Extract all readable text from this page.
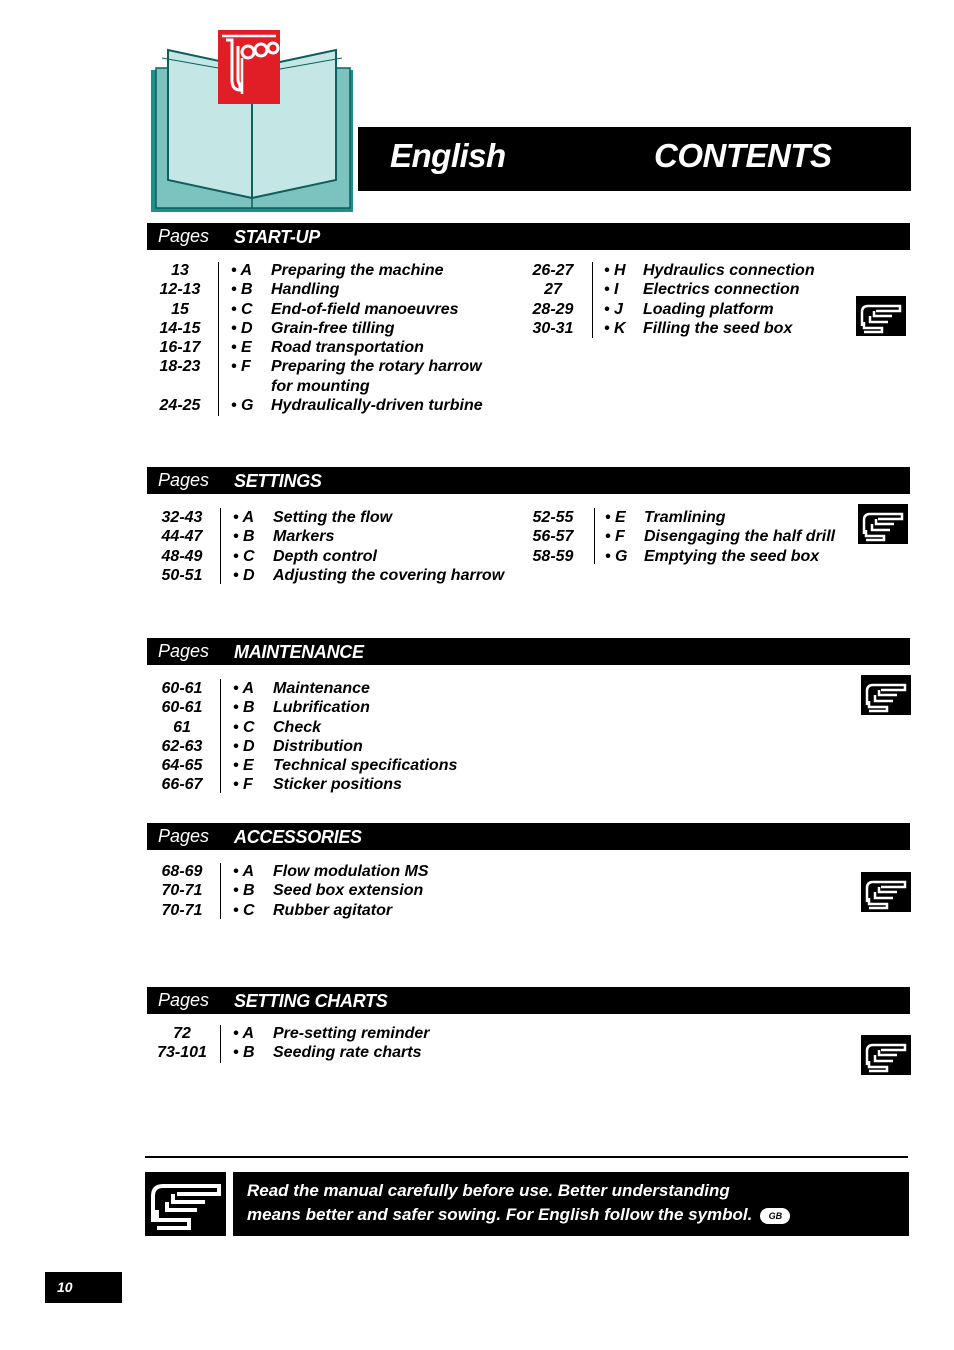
English	CONTENTS
Pages START-UP
13	• A Preparing the machine
12-13	• B Handling
15	• C End-of-field manoeuvres
14-15	• D Grain-free tilling
16-17	• E Road transportation
18-23	• F Preparing the rotary harrow
for mounting
24-25	• G Hydraulically-driven turbine
26-27	• H Hydraulics connection
27	• I Electrics connection
28-29	• J Loading platform
30-31	• K Filling the seed box
Pages SETTINGS
32-43	• A Setting the flow
44-47	• B Markers
48-49	• C Depth control
50-51	• D Adjusting the covering harrow
52-55	• E Tramlining
56-57	• F Disengaging the half drill
58-59	• G Emptying the seed box
Pages MAINTENANCE
60-61	• A Maintenance
60-61	• B Lubrification
61	• C Check
62-63	• D Distribution
64-65	• E Technical specifications
66-67	• F Sticker positions
Pages ACCESSORIES
68-69	• A Flow modulation MS
70-71	• B Seed box extension
70-71	• C Rubber agitator
Pages SETTING CHARTS
72	• A Pre-setting reminder
73-101	• B Seeding rate charts
Read the manual carefully before use. Better understanding
means better and safer sowing. For English follow the symbol. GB
10
